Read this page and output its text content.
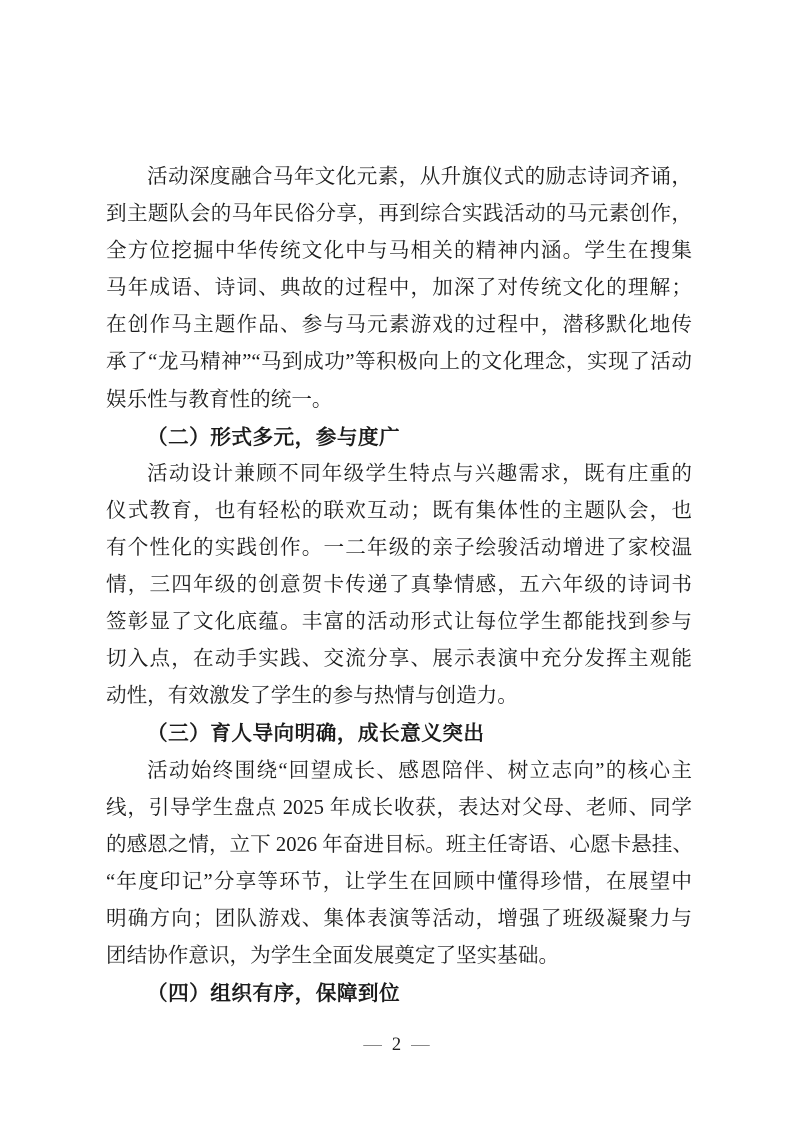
活动深度融合马年文化元素，从升旗仪式的励志诗词齐诵，
到主题队会的马年民俗分享，再到综合实践活动的马元素创作，
全方位挖掘中华传统文化中与马相关的精神内涵。学生在搜集
马年成语、诗词、典故的过程中，加深了对传统文化的理解；
在创作马主题作品、参与马元素游戏的过程中，潜移默化地传
承了“龙马精神”“马到成功”等积极向上的文化理念，实现了活动
娱乐性与教育性的统一。
（二）形式多元，参与度广
活动设计兼顾不同年级学生特点与兴趣需求，既有庄重的
仪式教育，也有轻松的联欢互动；既有集体性的主题队会，也
有个性化的实践创作。一二年级的亲子绘骏活动增进了家校温
情，三四年级的创意贺卡传递了真挚情感，五六年级的诗词书
签彰显了文化底蕴。丰富的活动形式让每位学生都能找到参与
切入点，在动手实践、交流分享、展示表演中充分发挥主观能
动性，有效激发了学生的参与热情与创造力。
（三）育人导向明确，成长意义突出
活动始终围绕“回望成长、感恩陪伴、树立志向”的核心主
线，引导学生盘点 2025 年成长收获，表达对父母、老师、同学
的感恩之情，立下 2026 年奋进目标。班主任寄语、心愿卡悬挂、
“年度印记”分享等环节，让学生在回顾中懂得珍惜，在展望中
明确方向；团队游戏、集体表演等活动，增强了班级凝聚力与
团结协作意识，为学生全面发展奠定了坚实基础。
（四）组织有序，保障到位
— 2 —
